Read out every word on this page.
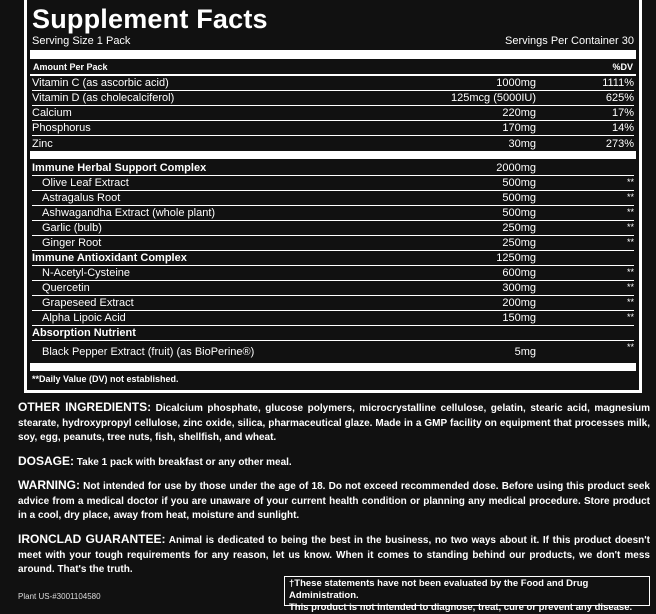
Supplement Facts
Serving Size 1 Pack	Servings Per Container 30
Amount Per Pack	%DV
Vitamin C (as ascorbic acid)	1000mg	1111%
Vitamin D (as cholecalciferol)	125mcg (5000IU)	625%
Calcium	220mg	17%
Phosphorus	170mg	14%
Zinc	30mg	273%
Immune Herbal Support Complex	2000mg
Olive Leaf Extract	500mg	**
Astragalus Root	500mg	**
Ashwagandha Extract (whole plant)	500mg	**
Garlic (bulb)	250mg	**
Ginger Root	250mg	**
Immune Antioxidant Complex	1250mg
N-Acetyl-Cysteine	600mg	**
Quercetin	300mg	**
Grapeseed Extract	200mg	**
Alpha Lipoic Acid	150mg	**
Absorption Nutrient
Black Pepper Extract (fruit) (as BioPerine®)	5mg	**
**Daily Value (DV) not established.
OTHER INGREDIENTS: Dicalcium phosphate, glucose polymers, microcrystalline cellulose, gelatin, stearic acid, magnesium stearate, hydroxypropyl cellulose, zinc oxide, silica, pharmaceutical glaze. Made in a GMP facility on equipment that processes milk, soy, egg, peanuts, tree nuts, fish, shellfish, and wheat.
DOSAGE: Take 1 pack with breakfast or any other meal.
WARNING: Not intended for use by those under the age of 18. Do not exceed recommended dose. Before using this product seek advice from a medical doctor if you are unaware of your current health condition or planning any medical procedure. Store product in a cool, dry place, away from heat, moisture and sunlight.
IRONCLAD GUARANTEE: Animal is dedicated to being the best in the business, no two ways about it. If this product doesn't meet with your tough requirements for any reason, let us know. When it comes to standing behind our products, we don't mess around. That's the truth.
†These statements have not been evaluated by the Food and Drug Administration.
This product is not intended to diagnose, treat, cure or prevent any disease.
Plant US-#3001104580
